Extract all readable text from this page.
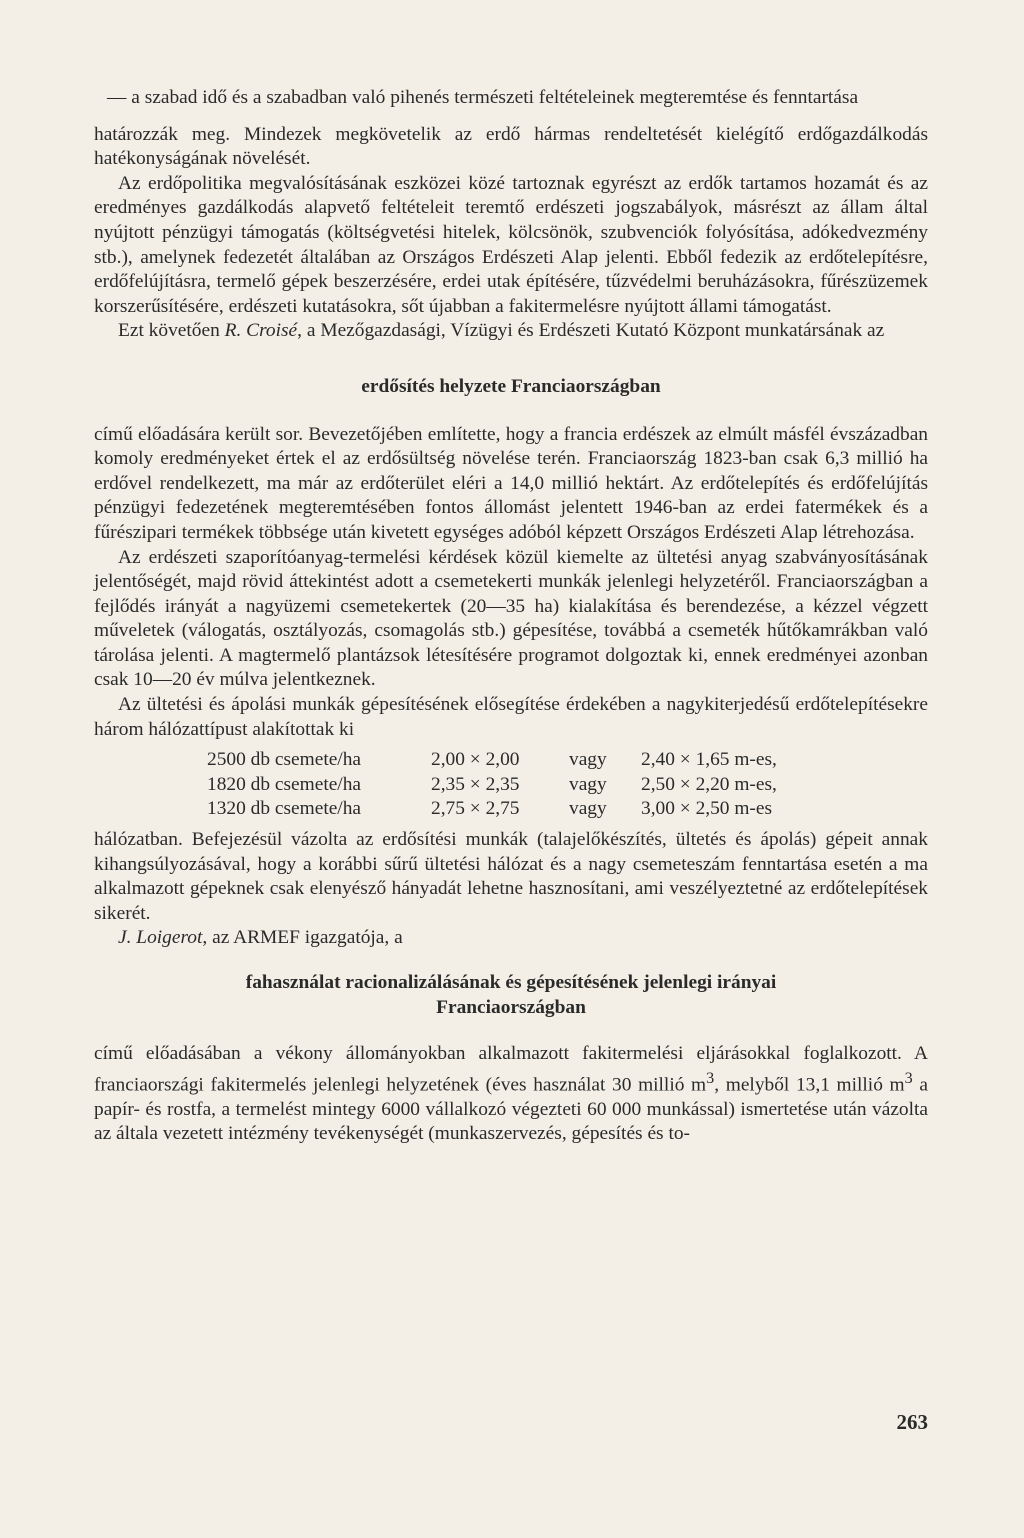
— a szabad idő és a szabadban való pihenés természeti feltételeinek megteremtése és fenntartása

határozzák meg. Mindezek megkövetelik az erdő hármas rendeltetését kielégítő erdőgazdálkodás hatékonyságának növelését.

Az erdőpolitika megvalósításának eszközei közé tartoznak egyrészt az erdők tartamos hozamát és az eredményes gazdálkodás alapvető feltételeit teremtő erdészeti jogszabályok, másrészt az állam által nyújtott pénzügyi támogatás (költségvetési hitelek, kölcsönök, szubvenciók folyósítása, adókedvezmény stb.), amelynek fedezetét általában az Országos Erdészeti Alap jelenti. Ebből fedezik az erdőtelepítésre, erdőfelújításra, termelő gépek beszerzésére, erdei utak építésére, tűzvédelmi beruházásokra, fűrészüzemek korszerűsítésére, erdészeti kutatásokra, sőt újabban a fakitermelésre nyújtott állami támogatást.

Ezt követően R. Croisé, a Mezőgazdasági, Vízügyi és Erdészeti Kutató Központ munkatársának az

erdősítés helyzete Franciaországban

című előadására került sor. Bevezetőjében említette, hogy a francia erdészek az elmúlt másfél évszázadban komoly eredményeket értek el az erdősültség növelése terén. Franciaország 1823-ban csak 6,3 millió ha erdővel rendelkezett, ma már az erdőterület eléri a 14,0 millió hektárt. Az erdőtelepítés és erdőfelújítás pénzügyi fedezetének megteremtésében fontos állomást jelentett 1946-ban az erdei fatermékek és a fűrészipari termékek többsége után kivetett egységes adóból képzett Országos Erdészeti Alap létrehozása.

Az erdészeti szaporítóanyag-termelési kérdések közül kiemelte az ültetési anyag szabványosításának jelentőségét, majd rövid áttekintést adott a csemetekerti munkák jelenlegi helyzetéről. Franciaországban a fejlődés irányát a nagyüzemi csemetekertek (20—35 ha) kialakítása és berendezése, a kézzel végzett műveletek (válogatás, osztályozás, csomagolás stb.) gépesítése, továbbá a csemeték hűtőkamrákban való tárolása jelenti. A magtermelő plantázsok létesítésére programot dolgoztak ki, ennek eredményei azonban csak 10—20 év múlva jelentkeznek.

Az ültetési és ápolási munkák gépesítésének elősegítése érdekében a nagykiterjedésű erdőtelepítésekre három hálózattípust alakítottak ki

2500 db csemete/ha	2,00 × 2,00	vagy	2,40 × 1,65 m-es,
1820 db csemete/ha	2,35 × 2,35	vagy	2,50 × 2,20 m-es,
1320 db csemete/ha	2,75 × 2,75	vagy	3,00 × 2,50 m-es

hálózatban. Befejezésül vázolta az erdősítési munkák (talajelőkészítés, ültetés és ápolás) gépeit annak kihangsúlyozásával, hogy a korábbi sűrű ültetési hálózat és a nagy csemeteszám fenntartása esetén a ma alkalmazott gépeknek csak elenyésző hányadát lehetne hasznosítani, ami veszélyeztetné az erdőtelepítések sikerét.

J. Loigerot, az ARMEF igazgatója, a

fahasználat racionalizálásának és gépesítésének jelenlegi irányai

Franciaországban

című előadásában a vékony állományokban alkalmazott fakitermelési eljárásokkal foglalkozott. A franciaországi fakitermelés jelenlegi helyzetének (éves használat 30 millió $m^3$, melyből 13,1 millió $m^3$ a papír- és rostfa, a termelést mintegy 6000 vállalkozó végezteti 60 000 munkással) ismertetése után vázolta az általa vezetett intézmény tevékenységét (munkaszervezés, gépesítés és to-

263
